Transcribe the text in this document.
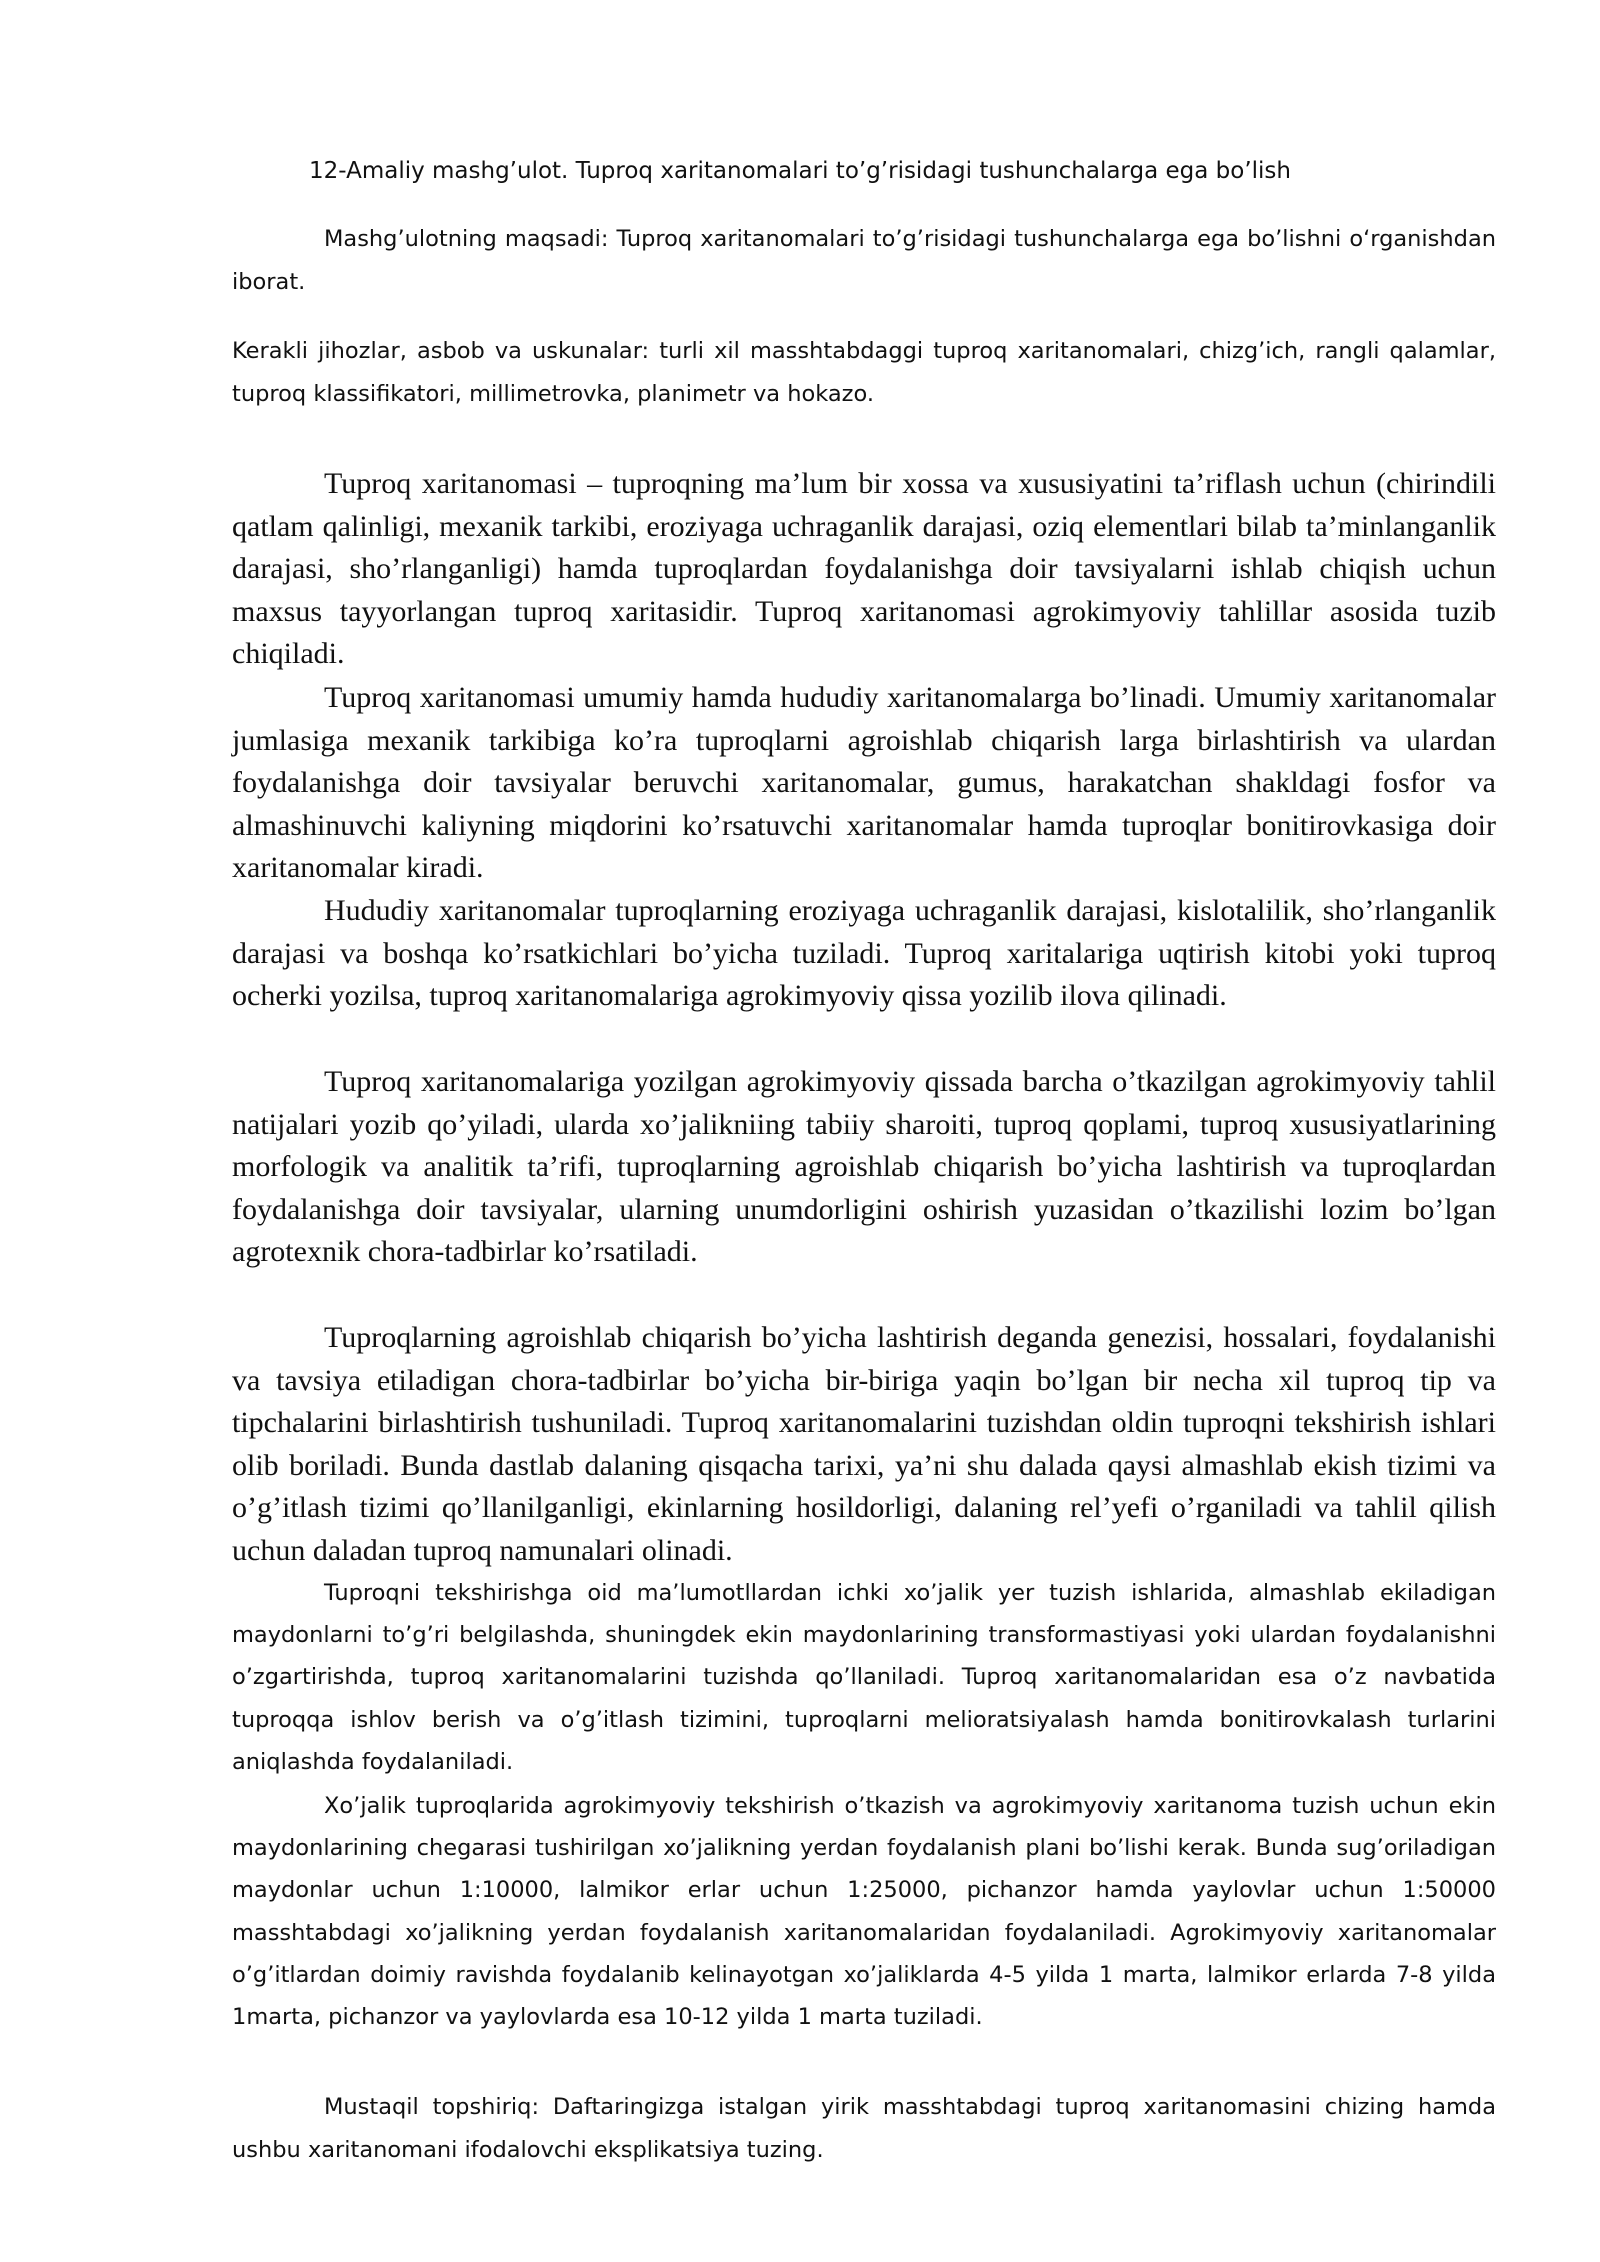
12-Amaliy mashg’ulot. Tuproq xaritanomalari to’g’risidagi tushunchalarga ega bo’lish

Mashg’ulotning maqsadi: Tuproq xaritanomalari to’g’risidagi tushunchalarga ega bo’lishni o‘rganishdan iborat.

Kerakli jihozlar, asbob va uskunalar: turli xil masshtabdaggi tuproq xaritanomalari, chizg’ich, rangli qalamlar, tuproq klassifikatori, millimetrovka, planimetr va hokazo.

Tuproq xaritanomasi – tuproqning ma’lum bir xossa va xususiyatini ta’riflash uchun (chirindili qatlam qalinligi, mexanik tarkibi, eroziyaga uchraganlik darajasi, oziq elementlari bilab ta’minlanganlik darajasi, sho’rlanganligi) hamda tuproqlardan foydalanishga doir tavsiyalarni ishlab chiqish uchun maxsus tayyorlangan tuproq xaritasidir. Tuproq xaritanomasi agrokimyoviy tahlillar asosida tuzib chiqiladi.

Tuproq xaritanomasi umumiy hamda hududiy xaritanomalarga bo’linadi. Umumiy xaritanomalar jumlasiga mexanik tarkibiga ko’ra tuproqlarni agroishlab chiqarish larga birlashtirish va ulardan foydalanishga doir tavsiyalar beruvchi xaritanomalar, gumus, harakatchan shakldagi fosfor va almashinuvchi kaliyning miqdorini ko’rsatuvchi xaritanomalar hamda tuproqlar bonitirovkasiga doir xaritanomalar kiradi.

Hududiy xaritanomalar tuproqlarning eroziyaga uchraganlik darajasi, kislotalilik, sho’rlanganlik darajasi va boshqa ko’rsatkichlari bo’yicha tuziladi. Tuproq xaritalariga uqtirish kitobi yoki tuproq ocherki yozilsa, tuproq xaritanomalariga agrokimyoviy qissa yozilib ilova qilinadi.

Tuproq xaritanomalariga yozilgan agrokimyoviy qissada barcha o’tkazilgan agrokimyoviy tahlil natijalari yozib qo’yiladi, ularda xo’jalikniing tabiiy sharoiti, tuproq qoplami, tuproq xususiyatlarining morfologik va analitik ta’rifi, tuproqlarning agroishlab chiqarish bo’yicha lashtirish va tuproqlardan foydalanishga doir tavsiyalar, ularning unumdorligini oshirish yuzasidan o’tkazilishi lozim bo’lgan agrotexnik chora-tadbirlar ko’rsatiladi.

Tuproqlarning agroishlab chiqarish bo’yicha lashtirish deganda genezisi, hossalari, foydalanishi va tavsiya etiladigan chora-tadbirlar bo’yicha bir-biriga yaqin bo’lgan bir necha xil tuproq tip va tipchalarini birlashtirish tushuniladi. Tuproq xaritanomalarini tuzishdan oldin tuproqni tekshirish ishlari olib boriladi. Bunda dastlab dalaning qisqacha tarixi, ya’ni shu dalada qaysi almashlab ekish tizimi va o’g’itlash tizimi qo’llanilganligi, ekinlarning hosildorligi, dalaning rel’yefi o’rganiladi va tahlil qilish uchun daladan tuproq namunalari olinadi.

Tuproqni tekshirishga oid ma’lumotllardan ichki xo’jalik yer tuzish ishlarida, almashlab ekiladigan maydonlarni to’g’ri belgilashda, shuningdek ekin maydonlarining transformastiyasi yoki ulardan foydalanishni o’zgartirishda, tuproq xaritanomalarini tuzishda qo’llaniladi. Tuproq xaritanomalaridan esa o’z navbatida tuproqqa ishlov berish va o’g’itlash tizimini, tuproqlarni melioratsiyalash hamda bonitirovkalash turlarini aniqlashda foydalaniladi.

Xo’jalik tuproqlarida agrokimyoviy tekshirish o’tkazish va agrokimyoviy xaritanoma tuzish uchun ekin maydonlarining chegarasi tushirilgan xo’jalikning yerdan foydalanish plani bo’lishi kerak. Bunda sug’oriladigan maydonlar uchun 1:10000, lalmikor erlar uchun 1:25000, pichanzor hamda yaylovlar uchun 1:50000 masshtabdagi xo’jalikning yerdan foydalanish xaritanomalaridan foydalaniladi. Agrokimyoviy xaritanomalar o’g’itlardan doimiy ravishda foydalanib kelinayotgan xo’jaliklarda 4-5 yilda 1 marta, lalmikor erlarda 7-8 yilda 1marta, pichanzor va yaylovlarda esa 10-12 yilda 1 marta tuziladi.

Mustaqil topshiriq: Daftaringizga istalgan yirik masshtabdagi tuproq xaritanomasini chizing hamda ushbu xaritanomani ifodalovchi eksplikatsiya tuzing.
